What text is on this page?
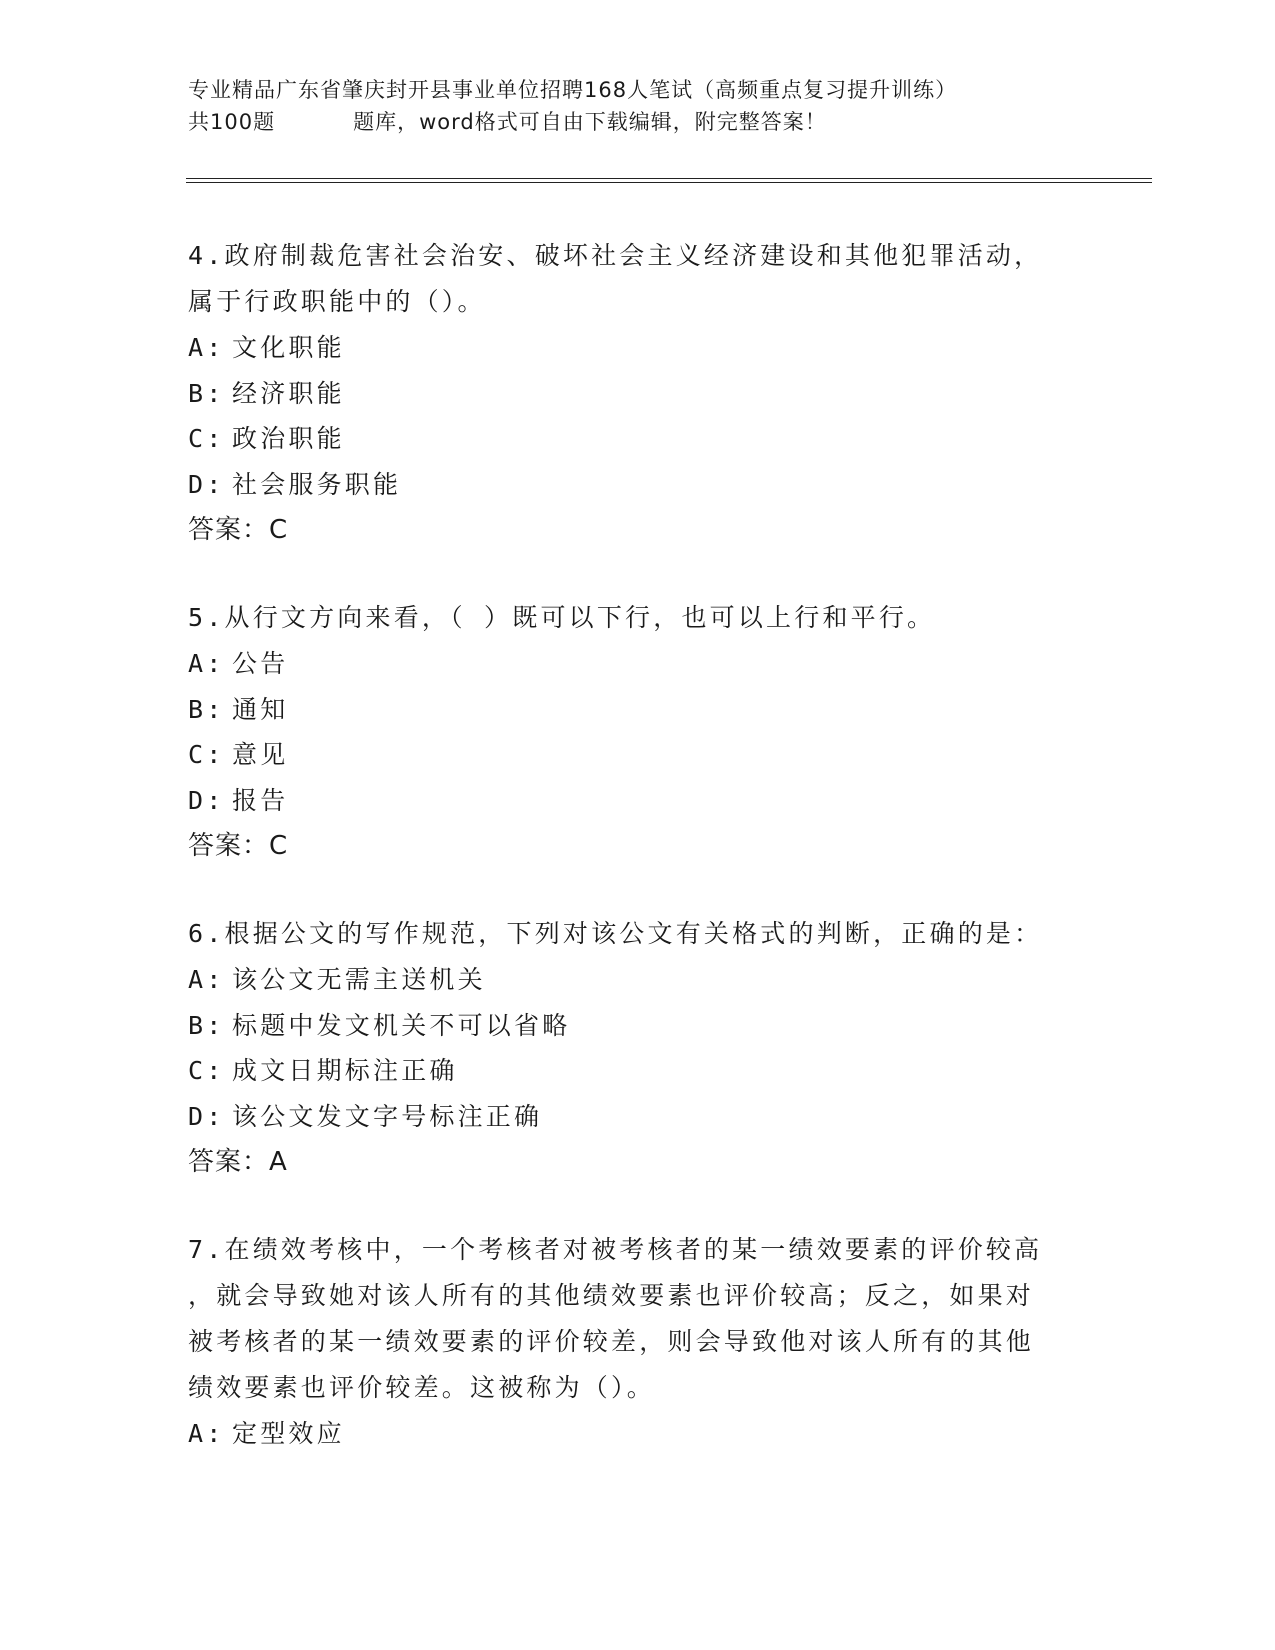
专业精品广东省肇庆封开县事业单位招聘168人笔试（高频重点复习提升训练）
共100题	题库，word格式可自由下载编辑，附完整答案！
4.政府制裁危害社会治安、破坏社会主义经济建设和其他犯罪活动，
属于行政职能中的（）。
A: 文化职能
B: 经济职能
C: 政治职能
D: 社会服务职能
答案：C
5.从行文方向来看，（ ）既可以下行，也可以上行和平行。
A: 公告
B: 通知
C: 意见
D: 报告
答案：C
6.根据公文的写作规范，下列对该公文有关格式的判断，正确的是：
A: 该公文无需主送机关
B: 标题中发文机关不可以省略
C: 成文日期标注正确
D: 该公文发文字号标注正确
答案：A
7.在绩效考核中，一个考核者对被考核者的某一绩效要素的评价较高
，就会导致她对该人所有的其他绩效要素也评价较高；反之，如果对
被考核者的某一绩效要素的评价较差，则会导致他对该人所有的其他
绩效要素也评价较差。这被称为（）。
A: 定型效应
